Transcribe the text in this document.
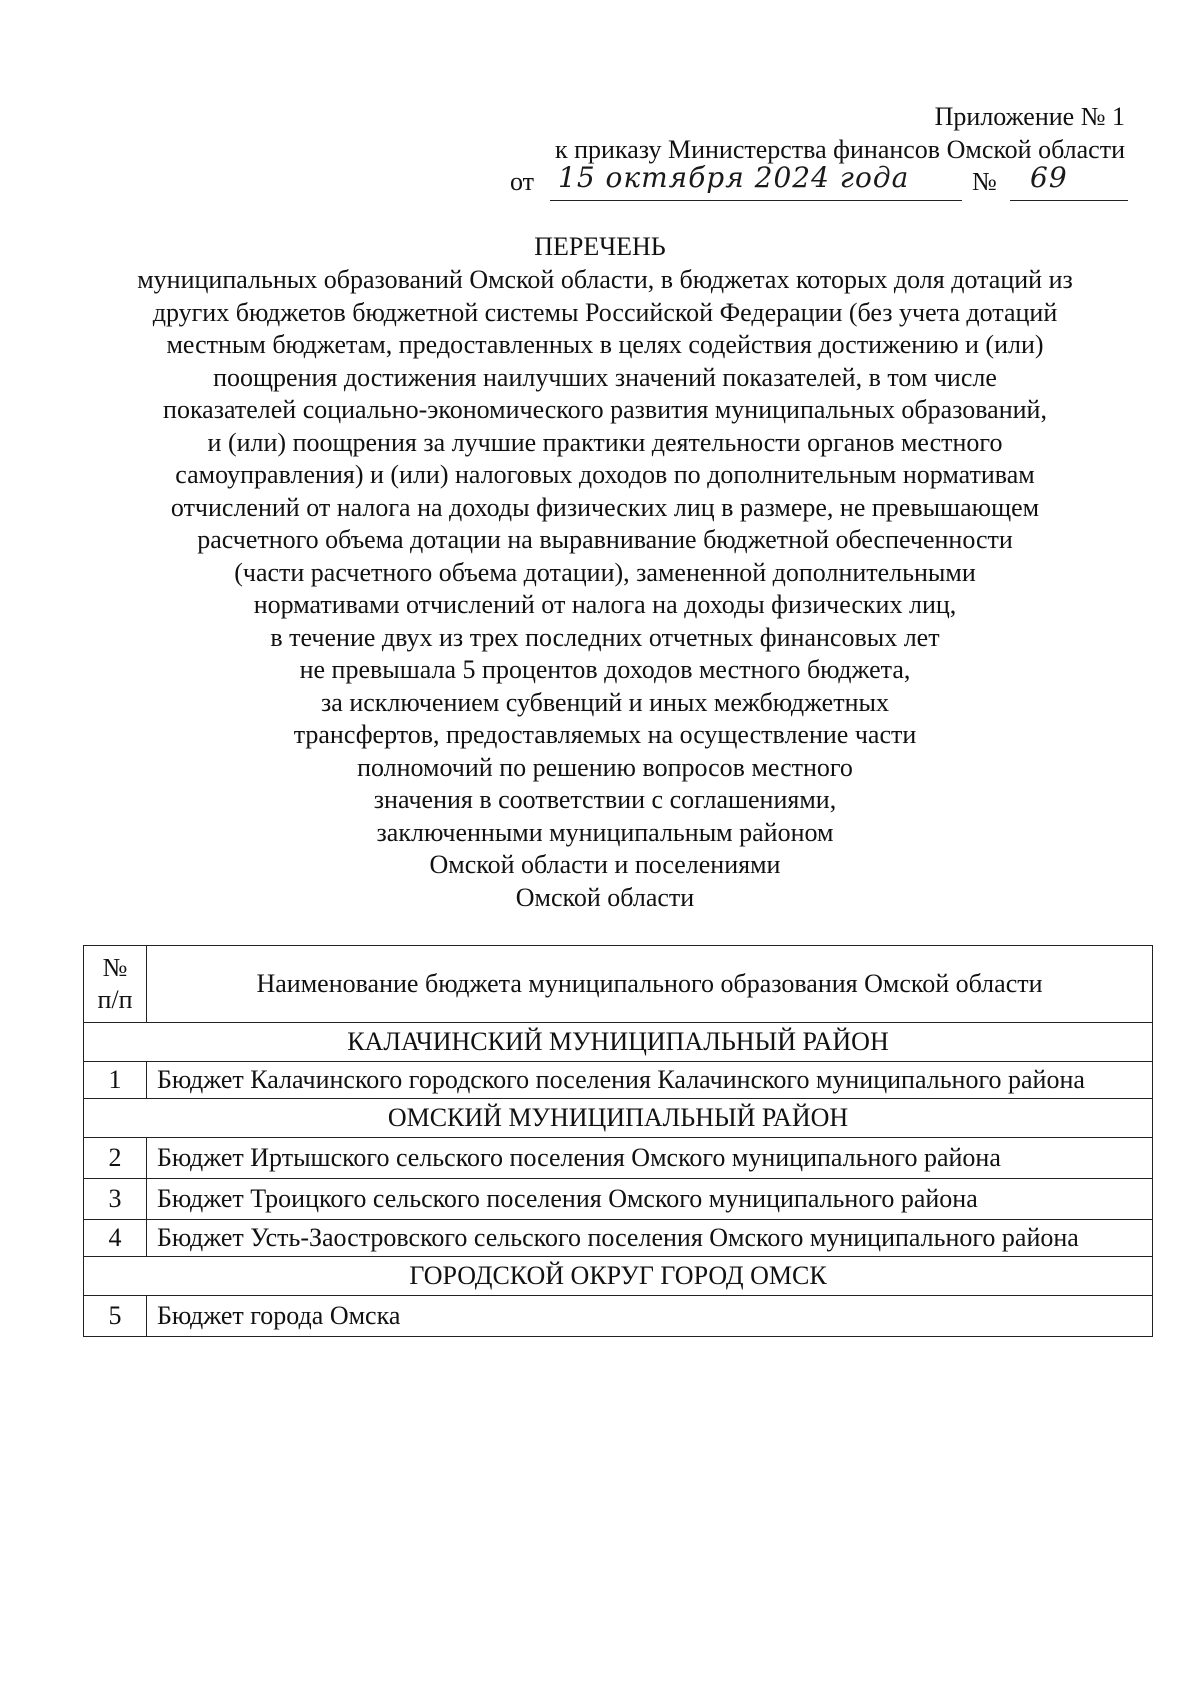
Приложение № 1
к приказу Министерства финансов Омской области
от 15 октября 2024 года № 69
ПЕРЕЧЕНЬ
муниципальных образований Омской области, в бюджетах которых доля дотаций из
других бюджетов бюджетной системы Российской Федерации (без учета дотаций
местным бюджетам, предоставленных в целях содействия достижению и (или)
поощрения достижения наилучших значений показателей, в том числе
показателей социально-экономического развития муниципальных образований,
и (или) поощрения за лучшие практики деятельности органов местного
самоуправления) и (или) налоговых доходов по дополнительным нормативам
отчислений от налога на доходы физических лиц в размере, не превышающем
расчетного объема дотации на выравнивание бюджетной обеспеченности
(части расчетного объема дотации), замененной дополнительными
нормативами отчислений от налога на доходы физических лиц,
в течение двух из трех последних отчетных финансовых лет
не превышала 5 процентов доходов местного бюджета,
за исключением субвенций и иных межбюджетных
трансфертов, предоставляемых на осуществление части
полномочий по решению вопросов местного
значения в соответствии с соглашениями,
заключенными муниципальным районом
Омской области и поселениями
Омской области
№
п/п	Наименование бюджета муниципального образования Омской области
КАЛАЧИНСКИЙ МУНИЦИПАЛЬНЫЙ РАЙОН	
1	Бюджет Калачинского городского поселения Калачинского муниципального района
ОМСКИЙ МУНИЦИПАЛЬНЫЙ РАЙОН	
2	Бюджет Иртышского сельского поселения Омского муниципального района
3	Бюджет Троицкого сельского поселения Омского муниципального района
4	Бюджет Усть-Заостровского сельского поселения Омского муниципального района
ГОРОДСКОЙ ОКРУГ ГОРОД ОМСК	
5	Бюджет города Омска
